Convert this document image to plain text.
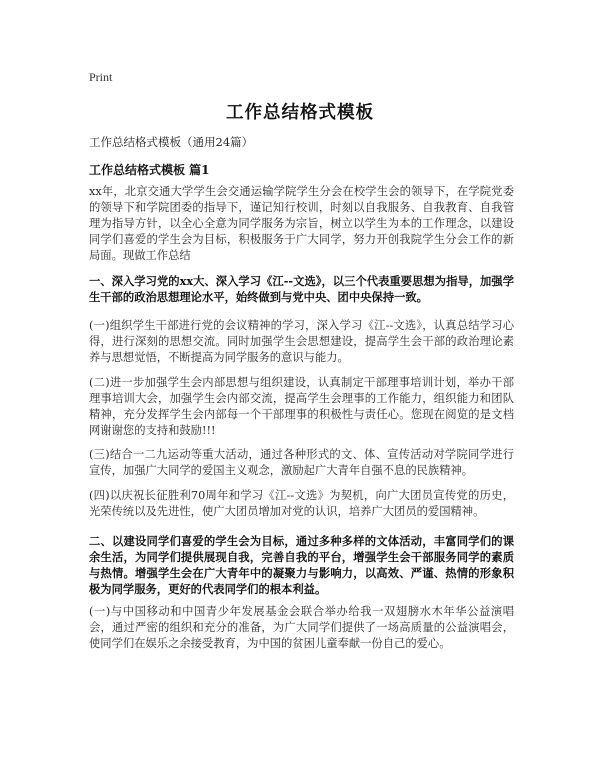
Print
工作总结格式模板
工作总结格式模板（通用24篇）
工作总结格式模板 篇1

xx年，北京交通大学学生会交通运输学院学生分会在校学生会的领导下，在学院党委的领导下和学院团委的指导下，谨记知行校训，时刻以自我服务、自我教育、自我管理为指导方针，以全心全意为同学服务为宗旨，树立以学生为本的工作理念，以建设同学们喜爱的学生会为目标，积极服务于广大同学，努力开创我院学生分会工作的新局面。现做工作总结

一、深入学习党的xx大、深入学习《江--文选》，以三个代表重要思想为指导，加强学生干部的政治思想理论水平，始终做到与党中央、团中央保持一致。

(一)组织学生干部进行党的会议精神的学习，深入学习《江--文选》，认真总结学习心得，进行深刻的思想交流。同时加强学生会思想建设，提高学生会干部的政治理论素养与思想觉悟，不断提高为同学服务的意识与能力。

(二)进一步加强学生会内部思想与组织建设，认真制定干部理事培训计划，举办干部理事培训大会，加强学生会内部交流，提高学生会理事的工作能力，组织能力和团队精神，充分发挥学生会内部每一个干部理事的积极性与责任心。您现在阅览的是文档网谢谢您的支持和鼓励!!!

(三)结合一二九运动等重大活动，通过各种形式的文、体、宣传活动对学院同学进行宣传，加强广大同学的爱国主义观念，激励起广大青年自强不息的民族精神。

(四)以庆祝长征胜利70周年和学习《江--文选》为契机，向广大团员宣传党的历史，光荣传统以及先进性，使广大团员增加对党的认识，培养广大团员的爱国精神。

二、以建设同学们喜爱的学生会为目标，通过多种多样的文体活动，丰富同学们的课余生活，为同学们提供展现自我，完善自我的平台，增强学生会干部服务同学的素质与热情。增强学生会在广大青年中的凝聚力与影响力，以高效、严谨、热情的形象积极为同学服务，更好的代表同学们的根本利益。

(一)与中国移动和中国青少年发展基金会联合举办给我一双翅膀水木年华公益演唱会，通过严密的组织和充分的准备，为广大同学们提供了一场高质量的公益演唱会，使同学们在娱乐之余接受教育，为中国的贫困儿童奉献一份自己的爱心。
